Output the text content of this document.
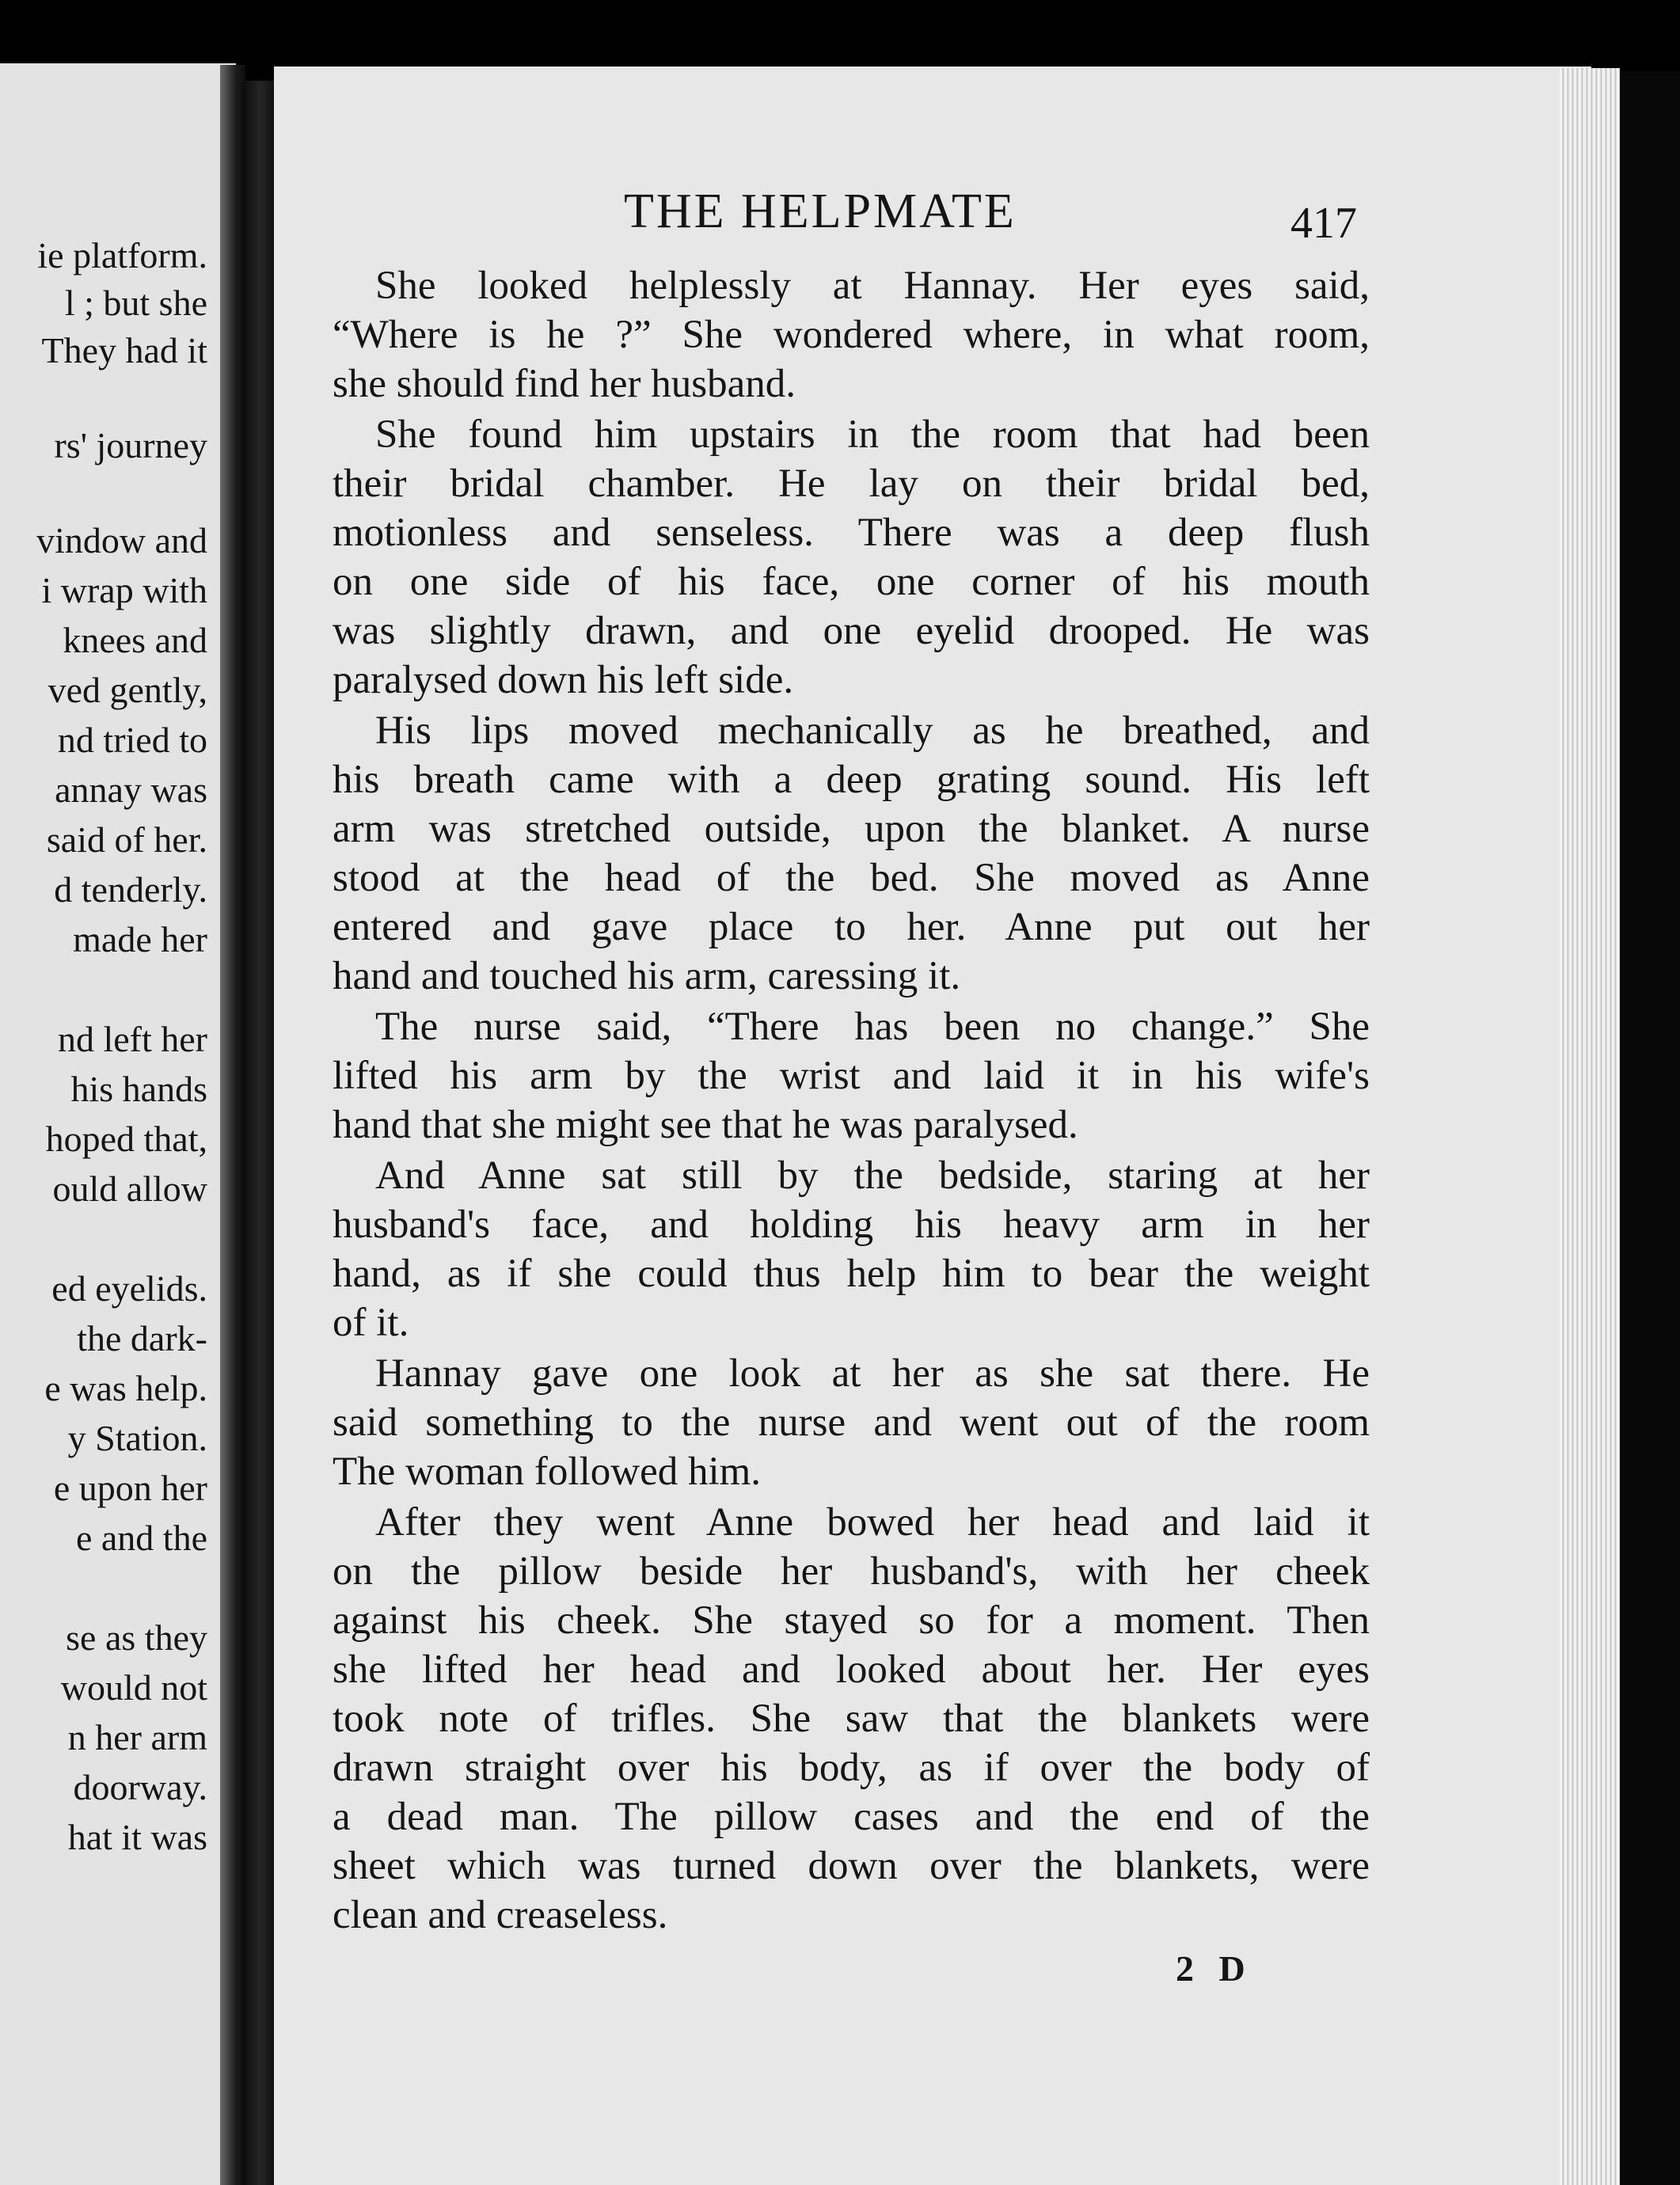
ie platform.
l ; but she
They had it
rs' journey
vindow and
i wrap with
knees and
ved gently,
nd tried to
annay was
said of her.
d tenderly.
made her
nd left her
his hands
hoped that,
ould allow
ed eyelids.
the dark-
e was help.
y Station.
e upon her
e and the
se as they
would not
n her arm
doorway.
hat it was
THE HELPMATE	417
She looked helplessly at Hannay. Her eyes said,
“Where is he ?” She wondered where, in what room,
she should find her husband.
She found him upstairs in the room that had been
their bridal chamber. He lay on their bridal bed,
motionless and senseless. There was a deep flush
on one side of his face, one corner of his mouth
was slightly drawn, and one eyelid drooped. He was
paralysed down his left side.
His lips moved mechanically as he breathed, and
his breath came with a deep grating sound. His left
arm was stretched outside, upon the blanket. A nurse
stood at the head of the bed. She moved as Anne
entered and gave place to her. Anne put out her
hand and touched his arm, caressing it.
The nurse said, “There has been no change.” She
lifted his arm by the wrist and laid it in his wife's
hand that she might see that he was paralysed.
And Anne sat still by the bedside, staring at her
husband's face, and holding his heavy arm in her
hand, as if she could thus help him to bear the weight
of it.
Hannay gave one look at her as she sat there. He
said something to the nurse and went out of the room
The woman followed him.
After they went Anne bowed her head and laid it
on the pillow beside her husband's, with her cheek
against his cheek. She stayed so for a moment. Then
she lifted her head and looked about her. Her eyes
took note of trifles. She saw that the blankets were
drawn straight over his body, as if over the body of
a dead man. The pillow cases and the end of the
sheet which was turned down over the blankets, were
clean and creaseless.
2 D
